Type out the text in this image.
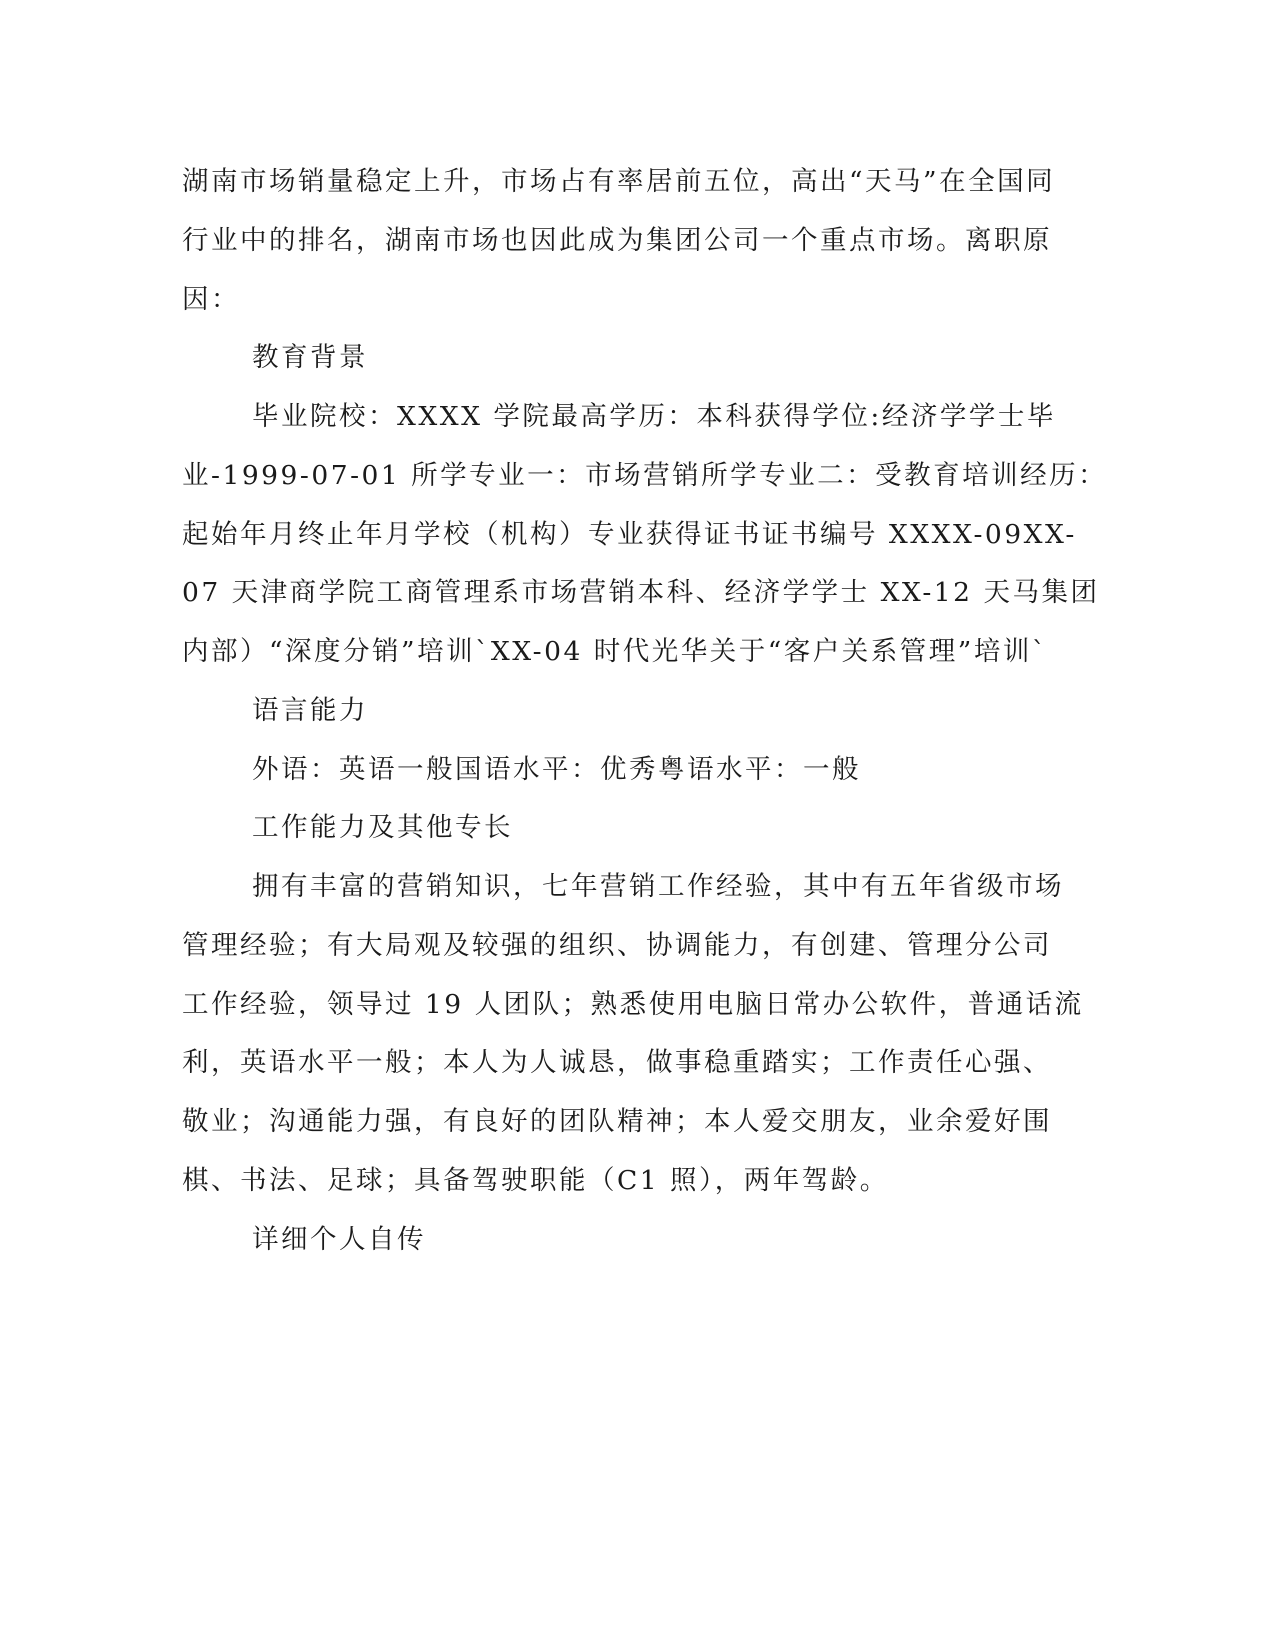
湖南市场销量稳定上升，市场占有率居前五位，高出“天马”在全国同

行业中的排名，湖南市场也因此成为集团公司一个重点市场。离职原

因：

教育背景

毕业院校：XXXX 学院最高学历：本科获得学位:经济学学士毕

业-1999-07-01 所学专业一：市场营销所学专业二：受教育培训经历：

起始年月终止年月学校（机构）专业获得证书证书编号 XXXX-09XX-

07 天津商学院工商管理系市场营销本科、经济学学士 XX-12 天马集团

内部）“深度分销”培训`XX-04 时代光华关于“客户关系管理”培训`

语言能力

外语：英语一般国语水平：优秀粤语水平：一般

工作能力及其他专长

拥有丰富的营销知识，七年营销工作经验，其中有五年省级市场

管理经验；有大局观及较强的组织、协调能力，有创建、管理分公司

工作经验，领导过 19 人团队；熟悉使用电脑日常办公软件，普通话流

利，英语水平一般；本人为人诚恳，做事稳重踏实；工作责任心强、

敬业；沟通能力强，有良好的团队精神；本人爱交朋友，业余爱好围

棋、书法、足球；具备驾驶职能（C1 照），两年驾龄。

详细个人自传
